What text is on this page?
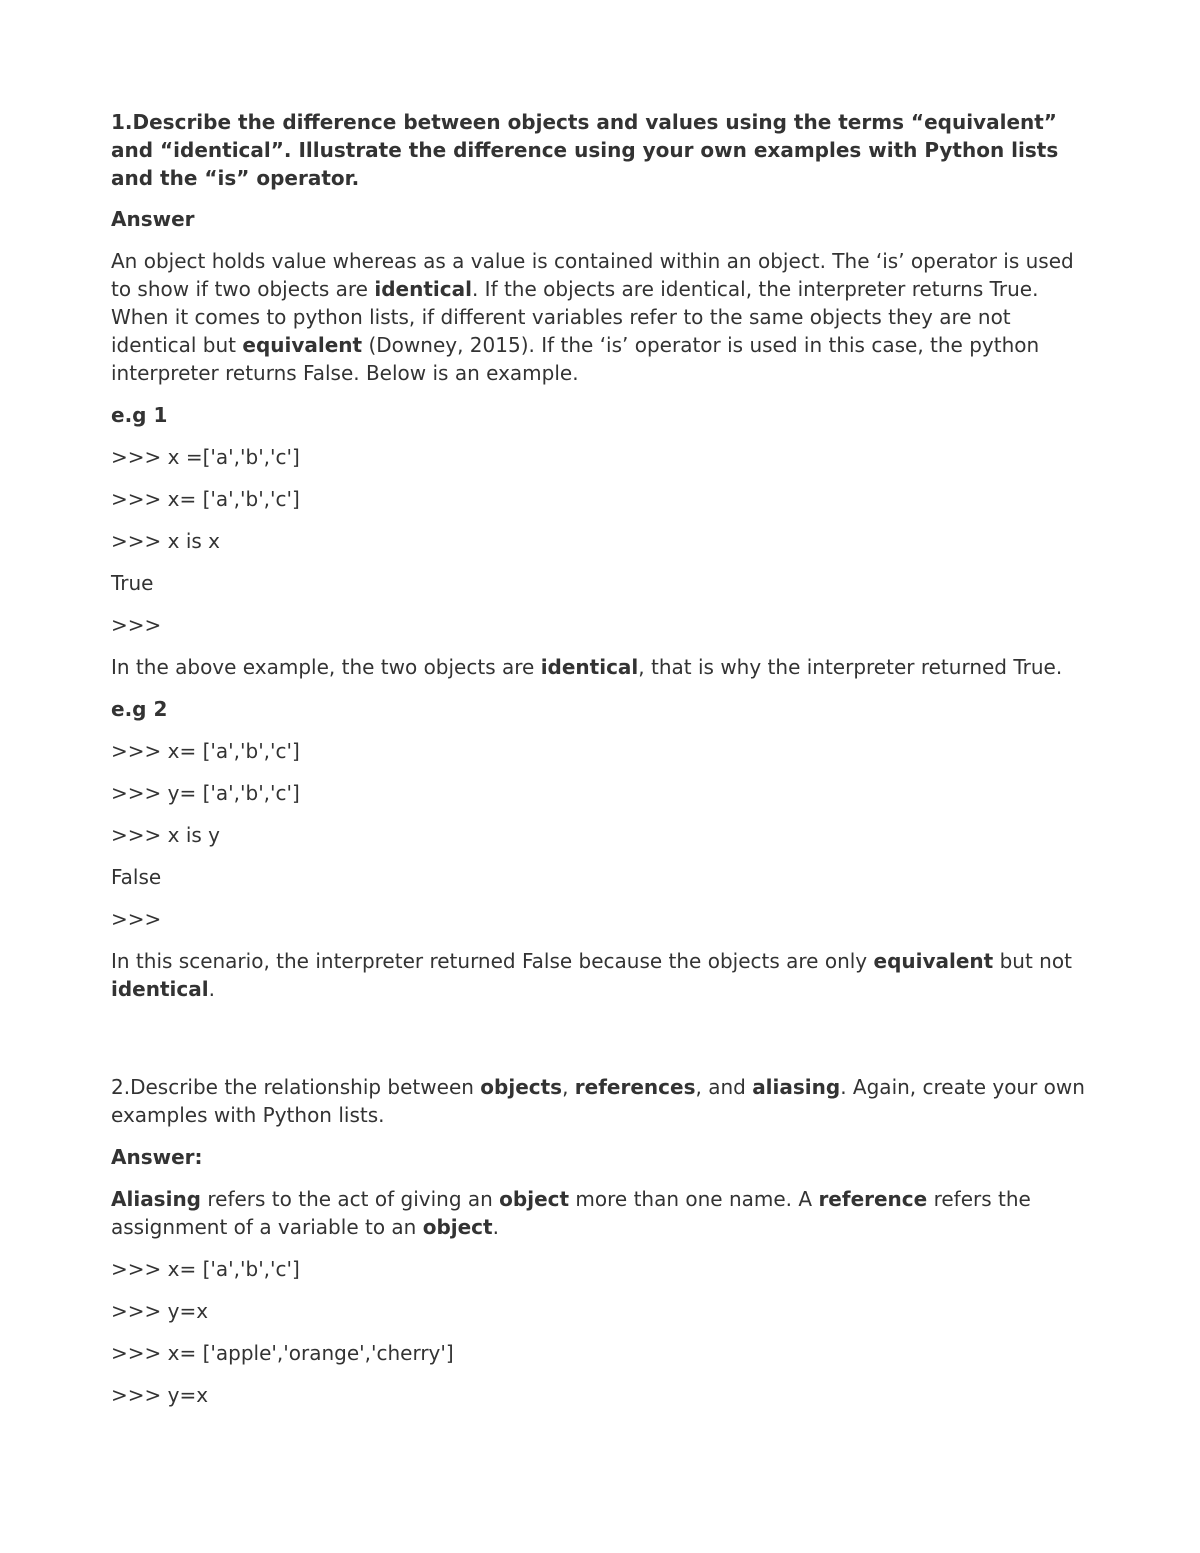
1.Describe the difference between objects and values using the terms “equivalent” and “identical”. Illustrate the difference using your own examples with Python lists and the “is” operator.

Answer

An object holds value whereas as a value is contained within an object. The ‘is’ operator is used to show if two objects are identical. If the objects are identical, the interpreter returns True. When it comes to python lists, if different variables refer to the same objects they are not identical but equivalent (Downey, 2015). If the ‘is’ operator is used in this case, the python interpreter returns False. Below is an example.

e.g 1
>>> x =['a','b','c']
>>> x= ['a','b','c']
>>> x is x
True
>>>

In the above example, the two objects are identical, that is why the interpreter returned True.

e.g 2
>>> x= ['a','b','c']
>>> y= ['a','b','c']
>>> x is y
False
>>>

In this scenario, the interpreter returned False because the objects are only equivalent but not identical.

2.Describe the relationship between objects, references, and aliasing. Again, create your own examples with Python lists.

Answer:

Aliasing refers to the act of giving an object more than one name. A reference refers the assignment of a variable to an object.

>>> x= ['a','b','c']
>>> y=x
>>> x= ['apple','orange','cherry']
>>> y=x
